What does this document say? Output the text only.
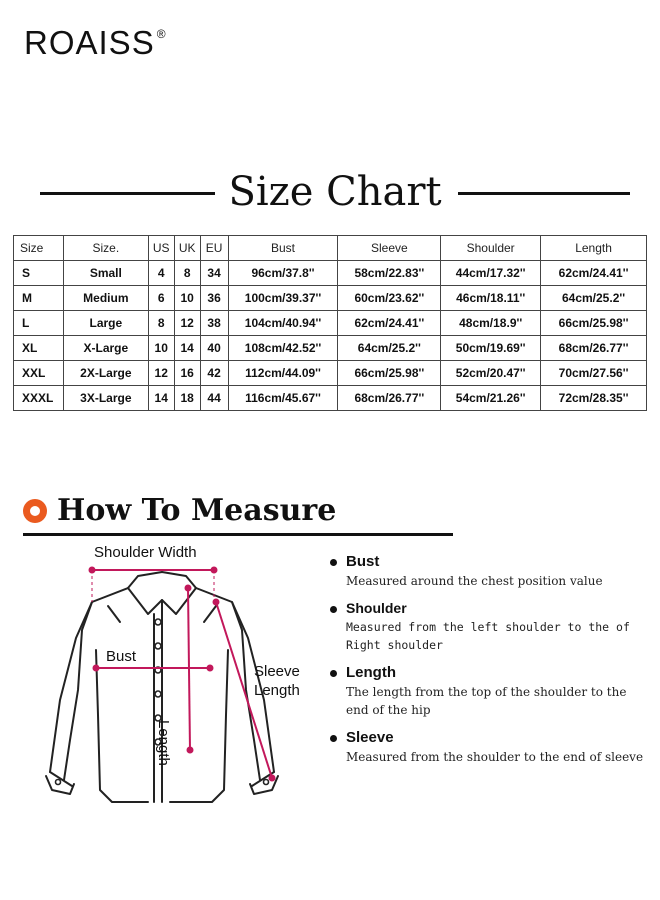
ROAISS ®
Size Chart
Size	Size.	US	UK	EU	Bust	Sleeve	Shoulder	Length
S	Small	4	8	34	96cm/37.8''	58cm/22.83''	44cm/17.32''	62cm/24.41''
M	Medium	6	10	36	100cm/39.37''	60cm/23.62''	46cm/18.11''	64cm/25.2''
L	Large	8	12	38	104cm/40.94''	62cm/24.41''	48cm/18.9''	66cm/25.98''
XL	X-Large	10	14	40	108cm/42.52''	64cm/25.2''	50cm/19.69''	68cm/26.77''
XXL	2X-Large	12	16	42	112cm/44.09''	66cm/25.98''	52cm/20.47''	70cm/27.56''
XXXL	3X-Large	14	18	44	116cm/45.67''	68cm/26.77''	54cm/21.26''	72cm/28.35''
How To Measure
Shoulder Width
Bust
Sleeve
Length
Length
Bust
Measured around the chest position value
Shoulder
Measured from the left shoulder to the of Right shoulder
Length
The length from the top of the shoulder to the end of the hip
Sleeve
Measured from the shoulder to the end of sleeve
